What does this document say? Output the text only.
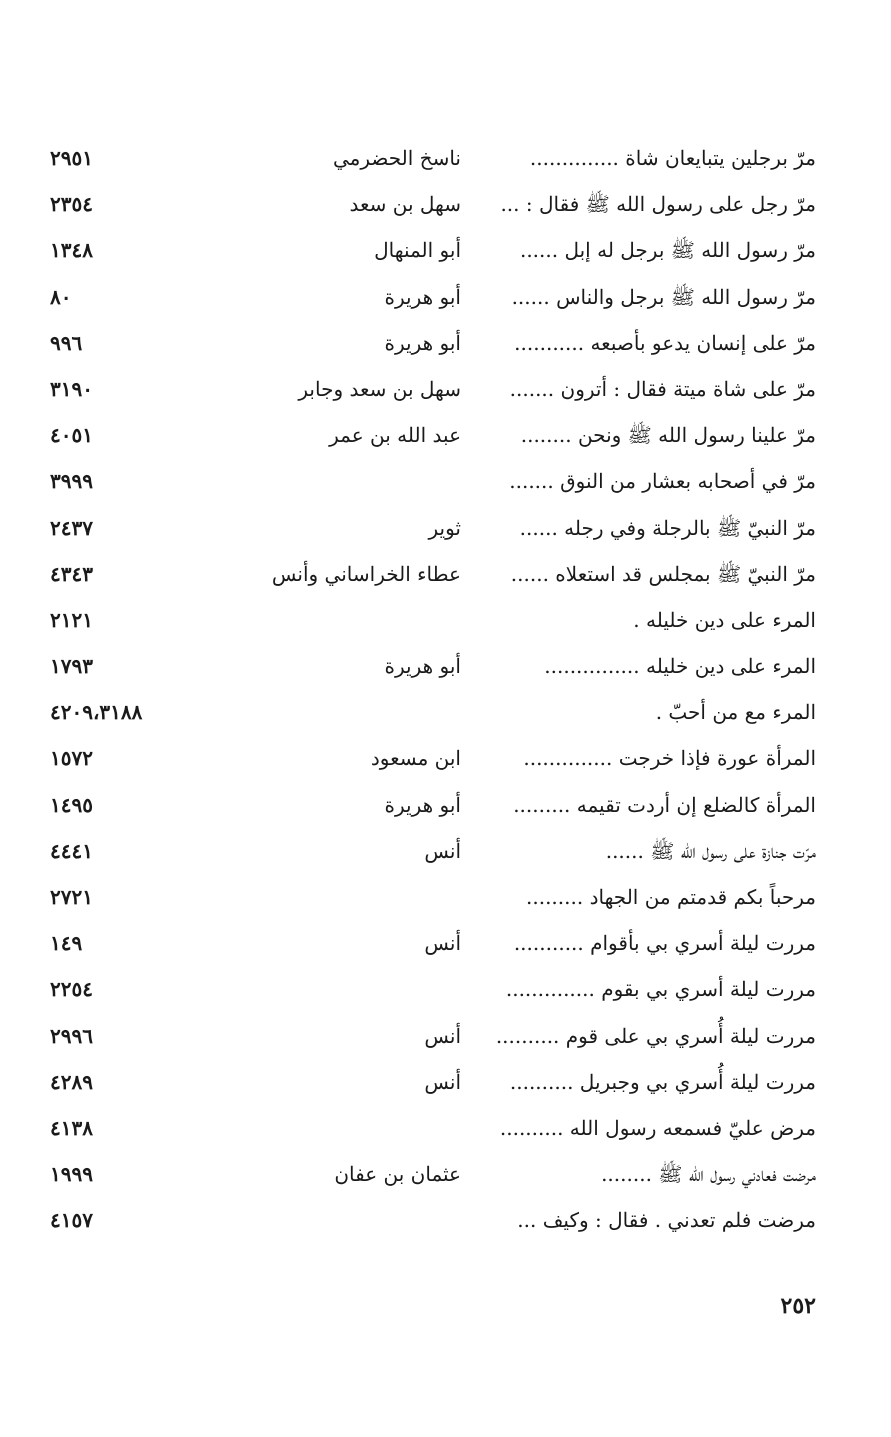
مرّ برجلين يتبايعان شاة ..............
ناسخ الحضرمي
٢٩٥١
مرّ رجل على رسول الله ﷺ فقال : ...
سهل بن سعد
٢٣٥٤
مرّ رسول الله ﷺ برجل له إبل ......
أبو المنهال
١٣٤٨
مرّ رسول الله ﷺ برجل والناس ......
أبو هريرة
٨٠
مرّ على إنسان يدعو بأصبعه ...........
أبو هريرة
٩٩٦
مرّ على شاة ميتة فقال : أترون .......
سهل بن سعد وجابر
٣١٩٠
مرّ علينا رسول الله ﷺ ونحن ........
عبد الله بن عمر
٤٠٥١
مرّ في أصحابه بعشار من النوق .......
٣٩٩٩
مرّ النبيّ ﷺ بالرجلة وفي رجله ......
ثوير
٢٤٣٧
مرّ النبيّ ﷺ بمجلس قد استعلاه ......
عطاء الخراساني وأنس
٤٣٤٣
المرء على دين خليله .
٢١٢١
المرء على دين خليله ...............
أبو هريرة
١٧٩٣
المرء مع من أحبّ .
٤٢٠٩،٣١٨٨
المرأة عورة فإذا خرجت ..............
ابن مسعود
١٥٧٢
المرأة كالضلع إن أردت تقيمه .........
أبو هريرة
١٤٩٥
مرّت جنازة على رسول الله ﷺ ......
أنس
٤٤٤١
مرحباً بكم قدمتم من الجهاد .........
٢٧٢١
مررت ليلة أسري بي بأقوام ...........
أنس
١٤٩
مررت ليلة أسري بي بقوم ..............
٢٢٥٤
مررت ليلة أُسري بي على قوم ..........
أنس
٢٩٩٦
مررت ليلة أُسري بي وجبريل ..........
أنس
٤٢٨٩
مرض عليّ فسمعه رسول الله ..........
٤١٣٨
مرضت فعادني رسول الله ﷺ ........
عثمان بن عفان
١٩٩٩
مرضت فلم تعدني . فقال : وكيف ...
٤١٥٧
٢٥٢
